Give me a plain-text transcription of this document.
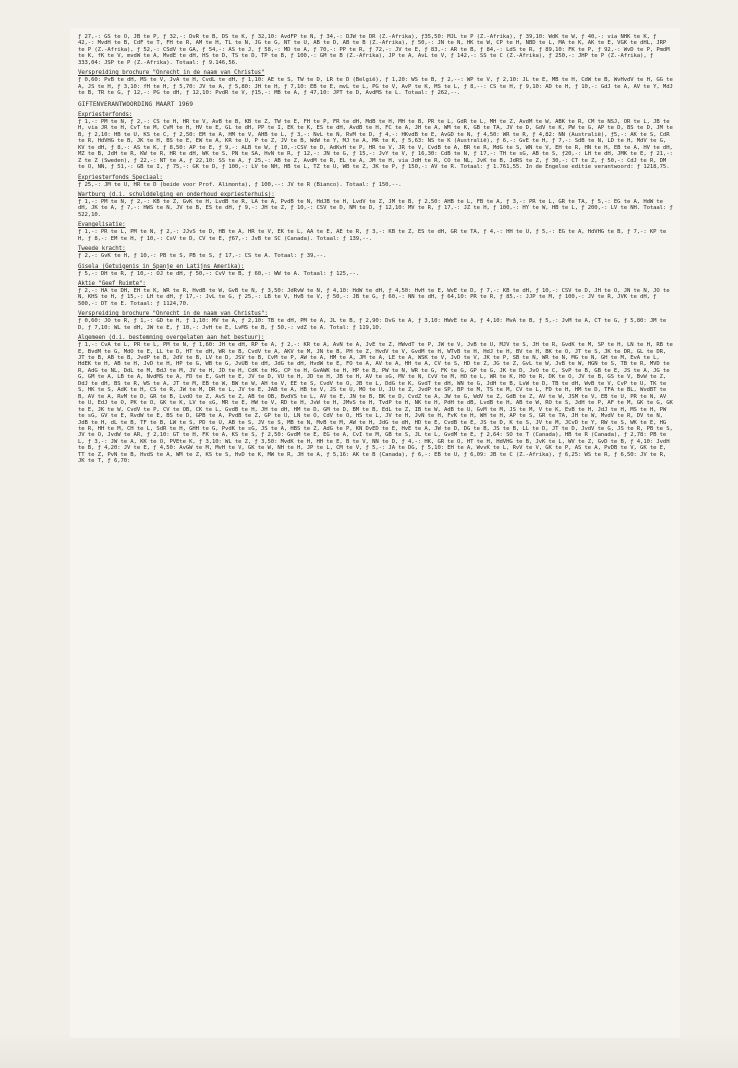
ƒ 27,-: GS te O, JB te P, ƒ 32,-: DvR te B, DS te K, ƒ 32,10: AvdFP te N, ƒ 34,-: DJW te DR (Z.-Afrika), ƒ35,50: MJL te P (Z.-Afrika), ƒ 39,10: WdK te W, ƒ 40,-: via NHK te K, ƒ 42,-: MvdH te B, CdF te T, FH te R, AM te H, TL te N, JG te G, NT te U, AB te D, AB te B (Z.-Afrika), ƒ 50,-: JN te N, HK te W, CP te H, NBD te L, MA te K, AK te E, VGK te dHL, JRP te P (Z.-Afrika), ƒ 52,-: CSdV te GA, ƒ 54,-: AS te J, ƒ 58,-: MD te A, ƒ 70,-: PP te R, ƒ 72,-: JV te E, ƒ 83,-: AR te B, ƒ 84,-: LdS te R, ƒ 89,10: FK te P, ƒ 92,-: WvD te P, PmdM te K, fK te V, mvdW te A, MvdE te dH, HS te D, TS te D, TP te B, ƒ 100,-: GM te B (Z.-Afrika), JP te A, AvL te V, ƒ 142,-: SS te C (Z.-Afrika), ƒ 250,-: JHP te P (Z.-Afrika), ƒ 333,04: JSP te P (Z.-Afrika). Totaal: ƒ 9.146,56.

Verspreiding brochure "Onrecht in de naam van Christus"

ƒ 0,60: PvB te dH, MS te V, JvA te H, CvdL te dH, ƒ 1,10: AE te S, TW te D, LR te D (België), ƒ 1,20: WS te B, ƒ 2,--: WP te V, ƒ 2,10: JL te E, MB te H, CdW te B, WvHvdV te H, GG te A, JS te H, ƒ 3,10: fH te H, ƒ 5,70: JV te A, ƒ 5,80: JH te H, ƒ 7,10: EB te E, mvL te L, PG te V, AvP te K, MS te L, ƒ 8,--: CS te H, ƒ 9,10: AD te H, ƒ 10,-: GdJ te A, AV te Y, MdJ te B, TR te G, ƒ 12,-: PG te dH, ƒ 12,10: PvdR te V, ƒ15,-: MB te A, ƒ 47,10: JPT te D, AvdMS te L. Totaal: ƒ 262,--.

GIFTENVERANTWOORDING MAART 1969
Expriesterfonds:

ƒ 1,-: PM te N, ƒ 2,-: CS te H, HR te V, AvB te B, KB te Z, TW te E, FH te P, FR te dH, MdB te H, MH te B, PR te L, GdR te L, MH te Z, AvdM te W, ABK te R, CM te NSJ, OR te L, JB te H, via JR te H, CvT te M, CvM te H, HV te E, GL te dH, PP te I, EK te K, ES te dH, AvdB te H, FC te A, JH te A, WM te K, GB te TA, JV te D, GdV te K, PW te G, AP te D, BS te D, JM te B, ƒ 2,10: HB te U, KS te C, ƒ 2,50: EM te A, HM te V, AHB te L, ƒ 3,-: NvL te N, RvM te D, ƒ 4,-: HKvdB te E, AvGD te N, ƒ 4,50: WR te R, ƒ 4,82: NN (Australië), ƒ5,-: AK te S, CdR te R, HdVHG te B, JK te H, BS te E, EW te A, KR te U, P te Z, JV te B, WdW te Y, MJ te A, MR te K, ƒ 5,63: NS te K (Australië), ƒ 6,-: GvE te H, ƒ 7,-: SdB te N, LD te H, MdV te G, KV te dH, ƒ 8,-: AS te K, ƒ 8,50: AP te E, ƒ 9,-: ALB te W, ƒ 10,-:CSV te D, AdKvH te P, HR te V, JR te V, CvdB te A, BR te R, MdG te S, WN te V, EH te R, HN te H, EB te A, HV te dH, MZ te B, JdH te R, KW te R, HR te dH, WK te S, PN te SA, HvN te R, ƒ 12,-: JN te G, ƒ 15,-: JvY te V, ƒ 16,30: CdB te N, ƒ 17,-: TH te sG, AB te S, ƒ20,-: LH te dH, JMK te E, ƒ 21,-: Z te Z (Sweden), ƒ 22,-: NT te A, ƒ 22,10: SS te A, ƒ 25,-: AB te Z, AvdM te R, EL te A, JM te H, via JdH te R, CO te NL, JvK te B, JdRS te Z, ƒ 30,-: CT te Z, ƒ 50,-: CdJ te R, DM te O, NN, ƒ 51,-: GB te I, ƒ 75,-: GK te D, ƒ 100,-: LV te NH, HB te L, TZ te U, WB te Z, JK te P, ƒ 150,-: AV te R. Totaal: ƒ 1.761,55. In de Engelse editie verantwoord: ƒ 1218,75.

Expriesterfonds Speciaal:

ƒ 25,-: JM te U, HR te D (beide voor Prof. Alimonta), ƒ 100,--: JV te R (Bianco). Totaal: ƒ 150,--.

Wartburg (d.i. schulddelging en onderhoud expriesterhuis):

ƒ 1,-: PM te N, ƒ 2,-: KB te Z, GvK te H, LvdB te R, LA te A, PvdB te N, HdJB te H, LvdV te Z, JM te B, ƒ 2,50: AHB te L, FB te A, ƒ 3,-: PR te L, GR te TA, ƒ 5,-: EG te A, HdW te dH, JK te A, ƒ 7,-: HWS te N, JV te B, ES te dH, ƒ 9,-: JH te Z, ƒ 10,-: CSV te D, NM te D, ƒ 12,10: MV te R, ƒ 17,-: JZ te H, ƒ 100,-: HY te W, HB te L, ƒ 200,-: LV te NH. Totaal: ƒ 522,10.

Evangelisatie:

ƒ 1,-: PR te L, PM te N, ƒ 2,-: JJvS te D, HB te A, HR te V, EK te L, AA te E, AE te R, ƒ 3,-: KB te Z, ES te dH, GR te TA, ƒ 4,-: HH te U, ƒ 5,-: EG te A, HdVHG te B, ƒ 7,-: KP te H, ƒ 8,-: EM te H, ƒ 10,-: CsV te D, CV te E, ƒ67,-: JvB te SC (Canada). Totaal: ƒ 139,--.

Tweede kracht:

ƒ 2,-: GvK te H, ƒ 10,-: PB te S, PB te S, ƒ 17,-: CS te A. Totaal: ƒ 39,--.

Gisela (Getuigenis in Spanje en Latijns Amerika):

ƒ 5,-: DH te R, ƒ 10,-: OJ te dH, ƒ 50,-: CvV te B, ƒ 60,-: WW te A. Totaal: ƒ 125,--.

Aktie "Geef Ruimte":

ƒ 2,-: HA te DH, EH te K, WR te R, HvdB te W, GvB te N, ƒ 3,50: JdRvW te N, ƒ 4,10: HdW te dH, ƒ 4,50: HvH te E, WvE te D, ƒ 7,-: KB te dH, ƒ 10,-: CSV te D, JH te O, JN te N, JO te N, KHS te H, ƒ 15,-: LH te dH, ƒ 17,-: JvL te G, ƒ 25,-: LB te V, HvB te V, ƒ 50,-: JB te G, ƒ 60,-: NN te dH, ƒ 64,10: PR te R, ƒ 85,-: JJP te M, ƒ 100,-: JV te R, JVK te dH, ƒ 500,-: DT te E. Totaal: ƒ 1124,70.

Verspreiding brochure "Onrecht in de naam van Christus":

ƒ 0,60: JO te R, ƒ 1,-: GD te H, ƒ 1,10: MV te A, ƒ 2,10: TB te dH, PM te A, JL te B, ƒ 2,90: DvG te A, ƒ 3,10: HWvE te A, ƒ 4,10: MvA te B, ƒ 5,-: JvM te A, CT te G, ƒ 5,80: JM te D, ƒ 7,10: WL te dH, JW te E, ƒ 10,-: JvH te E, LvMS te B, ƒ 50,-: vdZ te A. Total: ƒ 119,10.

Algemeen (d.i. bestemming overgelaten aan het bestuur):

ƒ 1,-: CvA te L, PR te L, PM te N, ƒ 1,60: JH te dH, RP te A, ƒ 2,-: KR te A, AvN te A, JvE te Z, HWvdT te P, JW te V, JvB te U, MJV te S, JH te R, GvdK te M, SP te H, LN te H, RB te E, BvdM te G, MdO te E, LL te D, HT te dH, WR te B, CvdV te A, AKV te M, JN te B, PH te Z, HvdV te V, GvdM te H, WTvB te H, HdJ te H, BV te H, BK te O, JT te S, JK te DR, GL te DR, JT te B, AB te B, JvdP te B, JdV te B, LV te D, JSV te B, CvM te P, AW te A, HM te A, JM te A, LE te A, WSK te V, JvD te V, JK te P, SB te N, WR te N, MG te N, GH te M, EvA te L, HdEK te H, AB te H, JvD te H, HP te G, WB te G, JvUB te dH, JdG te dH, HvdW te E, FO te A, AV te A, HH te A, CV te S, HD te Z, JG te Z, GvL te W, JvB te W, HGN te S, TB te R, MVD te R, AdG te NL, DdL te M, BdJ te M, JV te H, JD te H, CdK te HG, CP te H, GvAWK te H, HP te B, PW te N, WR te G, FK te G, GP te G, JK te D, JvO te C, SvP te B, GB te E, JS te A, JG te G, GM te A, LB te A, NvdMS te A, FD te E, GvH te E, JV te D, VU te H, JD te H, JB te H, AV te sG, MV te N, CvV te M, HO te L, WR te K, HO te R, DK te O, JV te B, GS te V, BvW te Z, DdJ te dH, BS te R, WS te A, JT te M, EB te W, BW te W, AH te V, EE te S, CvdV te O, JB te L, DdG te K, GvdT te dH, WN te G, JdH te B, LvW te D, TB te dH, WvB te V, CvP te U, TK te S, HK te S, AdK te H, CS te R, JW te M, DR te L, JV te E, JAB te A, HB te V, JS te U, MO te U, JU te Z, JvdP te SP, BP te M, TS te M, CV te L, FD te H, HM te D, TFA te BL, WvdBT te B, AV te A, RvM te D, GR te B, LvdO te Z, AvS te Z, AB te OB, BvdVS te L, AV te E, JN te B, BK te D, CvdZ te A, JW te G, WdV te Z, GdB te Z, AV te W, JSM te V, EB te U, PR te N, AV te U, EdJ te O, PK te O, GK te K, LV te sG, MR te E, HW te V, RD te H, JvW te H, JMvS te H, TvdP te H, NK te H, PdH te dB, LvdB te H, AB te W, RO te S, JdH te P, AF te M, GK te G, GK te E, JK te W, CvdV te P, CV te OB, CK te L, GvdB te H, JH te dH, HM te D, GM te D, BM te B, EdL te Z, IB te W, AdB te U, GvM te M, JS te M, V te K, EvB te H, JdJ te H, MS te H, PW te sG, GV te E, RvdW te E, BS te D, GPB te A, PvdB te Z, GP te U, LN te O, CdV te O, HS te L, JV te H, JvN te H, FvK te H, WH te H, AP te S, GR te TA, JH te W, MvdV te R, DV te N, JdB te H, dL te B, TF te B, LW te S, PD te U, AB te S, JV te S, MB te N, MvB te M, AW te H, JdG te dH, HD te E, CvdB te E, JS te D, K te S, JV te M, JCvD te Y, RW te S, WK te E, HG te R, HH te M, CH te L, SdR te H, GHH te G, PvdK te sG, JS te A, HBS te Z, AdG te P, KN DvED te E, HvE te A, JW te D, DG te B, JS te B, LL te D, JT te D, JvdV te G, JS te R, PB te S, JV te O, JvdW te AR, ƒ 2,10: GT te H, FK te A, KS te S, ƒ 2,50: GvdM te E, EG te A, CvI te M, GB te S, JL te L, GvdM te E, ƒ 2,64: SO te T (Canada), HB te R (Canada), ƒ 2,78: PB te L, ƒ 3,-: JW te A, KK te O, PVEte K, ƒ 3,10: WL te Z, ƒ 3,50: MvdK te H, HH te E, B te V, NN te D, ƒ 4,-: HK, GR te O, HT te H, HdVHG te B, JvK te L, WV te Z, GvD te B, ƒ 4,10: JvdH te B, ƒ 4,20: JV te E, ƒ 4,50: AvGW te M, MvH te V, GK te W, NH te H, JP te L, CM te V, ƒ 5,-: JA te DG, ƒ 5,10: EH te A, WvvK te L, RvV te V, GK te P, AS te A, PvDB te V, GK te E, TT te Z, PvN te B, HvdS te A, WM te Z, KS te S, HvD te K, MW te R, JH te A, ƒ 5,16: AK te B (Canada), ƒ 6,-: EB te U, ƒ 6,09: JB te C (Z.-Afrika), ƒ 6,25: WS te R, ƒ 6,50: JV te R, JK te T, ƒ 6,70:
